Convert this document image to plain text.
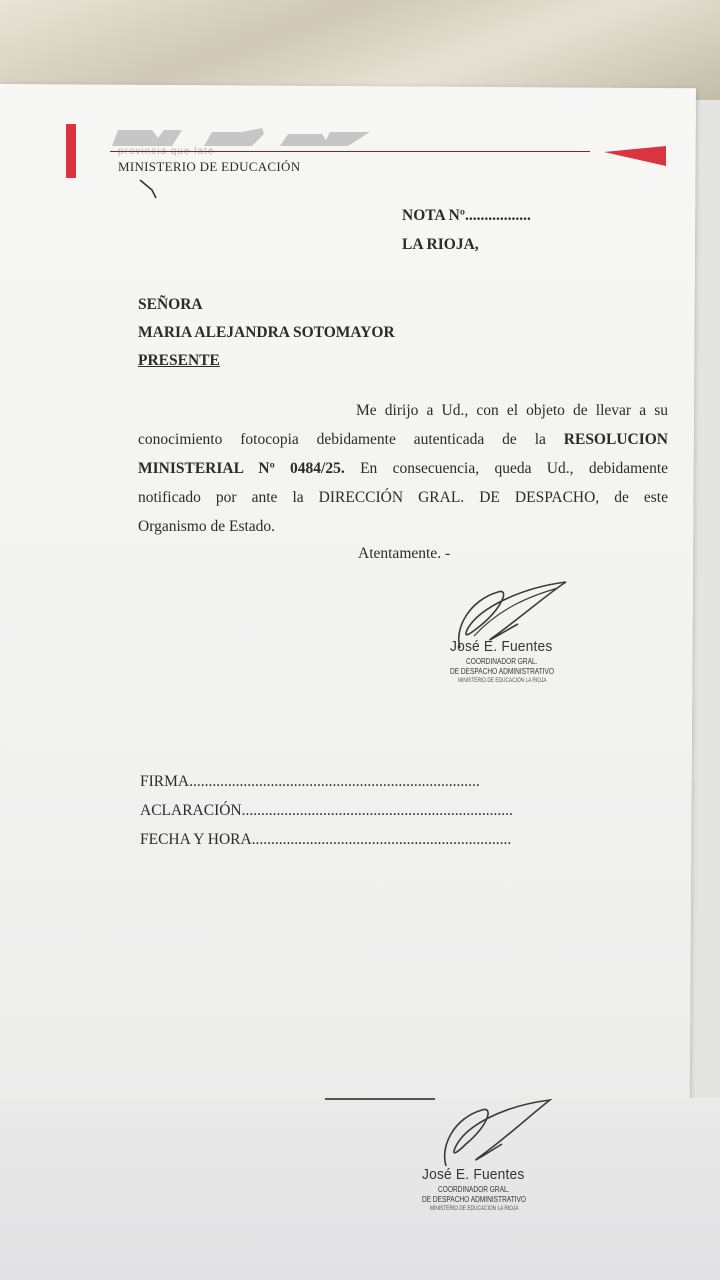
MINISTERIO DE EDUCACIÓN
NOTA Nº.................
LA RIOJA,
SEÑORA
MARIA ALEJANDRA SOTOMAYOR
PRESENTE
Me dirijo a Ud., con el objeto de llevar a su
conocimiento fotocopia debidamente autenticada de la RESOLUCION
MINISTERIAL Nº 0484/25. En consecuencia, queda Ud., debidamente
notificado por ante la DIRECCIÓN GRAL. DE DESPACHO, de este
Organismo de Estado.
Atentamente. -
José E. Fuentes
COORDINADOR GRAL.
DE DESPACHO ADMINISTRATIVO
MINISTERIO DE EDUCACIÓN LA RIOJA
FIRMA...........................................................................
ACLARACIÓN......................................................................
FECHA Y HORA...................................................................
José E. Fuentes
COORDINADOR GRAL.
DE DESPACHO ADMINISTRATIVO
MINISTERIO DE EDUCACIÓN LA RIOJA
